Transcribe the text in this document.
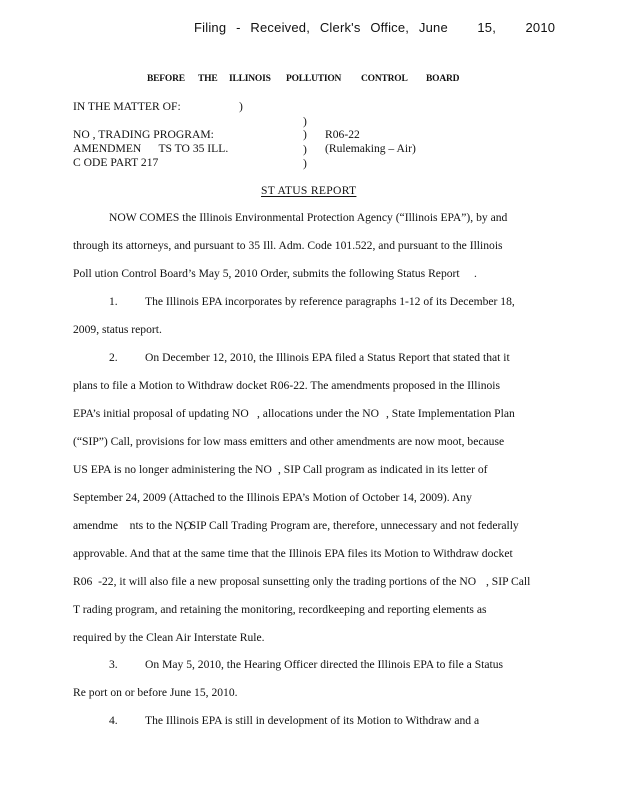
Filing - Received, Clerk's Office, June   15,   2010
BEFORE THE ILLINOIS POLLUTION CONTROL BOARD
IN THE MATTER OF:	)
)
)
)
)
NO , TRADING PROGRAM:
AMENDMEN      TS TO 35 ILL.
C ODE PART 217
R06-22
(Rulemaking – Air)
ST ATUS REPORT
NOW COMES the Illinois Environmental Protection Agency (“Illinois EPA”), by and
through its attorneys, and pursuant to 35 Ill. Adm. Code 101.522, and pursuant to the Illinois
Poll ution Control Board’s May 5, 2010 Order, submits the following Status Report .
1. The Illinois EPA incorporates by reference paragraphs 1-12 of its December 18,
2009, status report.
2. On December 12, 2010, the Illinois EPA filed a Status Report that stated that it
plans to file a Motion to Withdraw docket R06-22. The amendments proposed in the Illinois
EPA’s initial proposal of updating NO , allocations under the NO , State Implementation Plan
(“SIP”) Call, provisions for low mass emitters and other amendments are now moot, because
US EPA is no longer administering the NO , SIP Call program as indicated in its letter of
September 24, 2009 (Attached to the Illinois EPA’s Motion of October 14, 2009). Any
amendme    nts to the NO
, SIP Call Trading Program are, therefore, unnecessary and not federally
approvable. And that at the same time that the Illinois EPA files its Motion to Withdraw docket
R06  -22, it will also file a new proposal sunsetting only the trading portions of the NO , SIP Call
T rading program, and retaining the monitoring, recordkeeping and reporting elements as
required by the Clean Air Interstate Rule.
3. On May 5, 2010, the Hearing Officer directed the Illinois EPA to file a Status
Re port on or before June 15, 2010.
4. The Illinois EPA is still in development of its Motion to Withdraw and a
